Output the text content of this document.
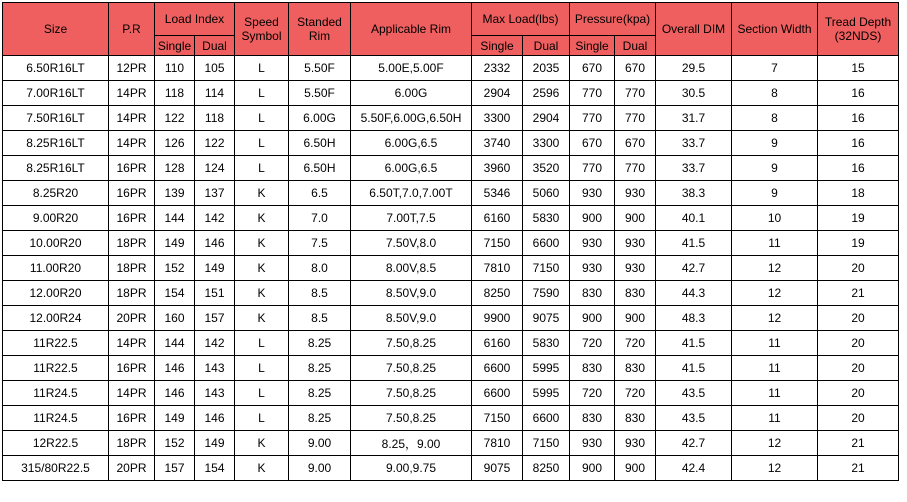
Size	P.R	Load Index		Speed Symbol	Standed Rim	Applicable Rim	Max Load(lbs)		Pressure(kpa)		Overall DIM	Section Width	Tread Depth (32NDS)
		Single	Dual				Single	Dual	Single	Dual			
6.50R16LT	12PR	110	105	L	5.50F	5.00E,5.00F	2332	2035	670	670	29.5	7	15
7.00R16LT	14PR	118	114	L	5.50F	6.00G	2904	2596	770	770	30.5	8	16
7.50R16LT	14PR	122	118	L	6.00G	5.50F,6.00G,6.50H	3300	2904	770	770	31.7	8	16
8.25R16LT	14PR	126	122	L	6.50H	6.00G,6.5	3740	3300	670	670	33.7	9	16
8.25R16LT	16PR	128	124	L	6.50H	6.00G,6.5	3960	3520	770	770	33.7	9	16
8.25R20	16PR	139	137	K	6.5	6.50T,7.0,7.00T	5346	5060	930	930	38.3	9	18
9.00R20	16PR	144	142	K	7.0	7.00T,7.5	6160	5830	900	900	40.1	10	19
10.00R20	18PR	149	146	K	7.5	7.50V,8.0	7150	6600	930	930	41.5	11	19
11.00R20	18PR	152	149	K	8.0	8.00V,8.5	7810	7150	930	930	42.7	12	20
12.00R20	18PR	154	151	K	8.5	8.50V,9.0	8250	7590	830	830	44.3	12	21
12.00R24	20PR	160	157	K	8.5	8.50V,9.0	9900	9075	900	900	48.3	12	20
11R22.5	14PR	144	142	L	8.25	7.50,8.25	6160	5830	720	720	41.5	11	20
11R22.5	16PR	146	143	L	8.25	7.50,8.25	6600	5995	830	830	41.5	11	20
11R24.5	14PR	146	143	L	8.25	7.50,8.25	6600	5995	720	720	43.5	11	20
11R24.5	16PR	149	146	L	8.25	7.50,8.25	7150	6600	830	830	43.5	11	20
12R22.5	18PR	152	149	K	9.00	8.25，9.00	7810	7150	930	930	42.7	12	21
315/80R22.5	20PR	157	154	K	9.00	9.00,9.75	9075	8250	900	900	42.4	12	21
